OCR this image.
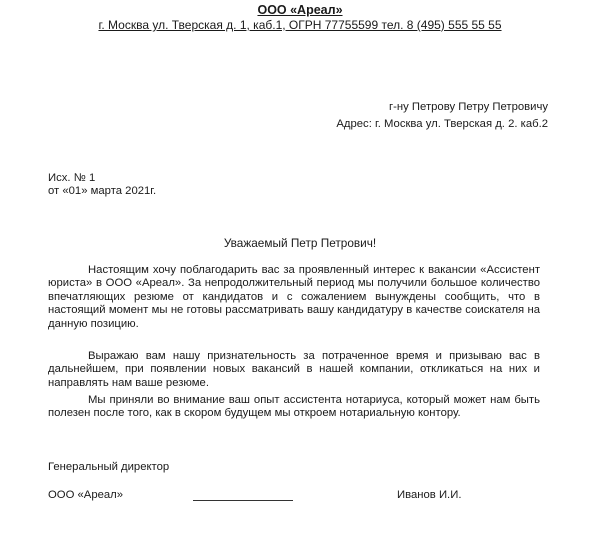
ООО «Ареал»
г. Москва ул. Тверская д. 1, каб.1, ОГРН 77755599 тел. 8 (495) 555 55 55
г-ну Петрову Петру Петровичу
Адрес: г. Москва ул. Тверская д. 2. каб.2
Исх. № 1
от «01» марта 2021г.
Уважаемый Петр Петрович!

Настоящим хочу поблагодарить вас за проявленный интерес к вакансии «Ассистент юриста» в ООО «Ареал». За непродолжительный период мы получили большое количество впечатляющих резюме от кандидатов и с сожалением вынуждены сообщить, что в настоящий момент мы не готовы рассматривать вашу кандидатуру в качестве соискателя на данную позицию.

Выражаю вам нашу признательность за потраченное время и призываю вас в дальнейшем, при появлении новых вакансий в нашей компании, откликаться на них и направлять нам ваше резюме.

Мы приняли во внимание ваш опыт ассистента нотариуса, который может нам быть полезен после того, как в скором будущем мы откроем нотариальную контору.

Генеральный директор
ООО «Ареал»	Иванов И.И.
